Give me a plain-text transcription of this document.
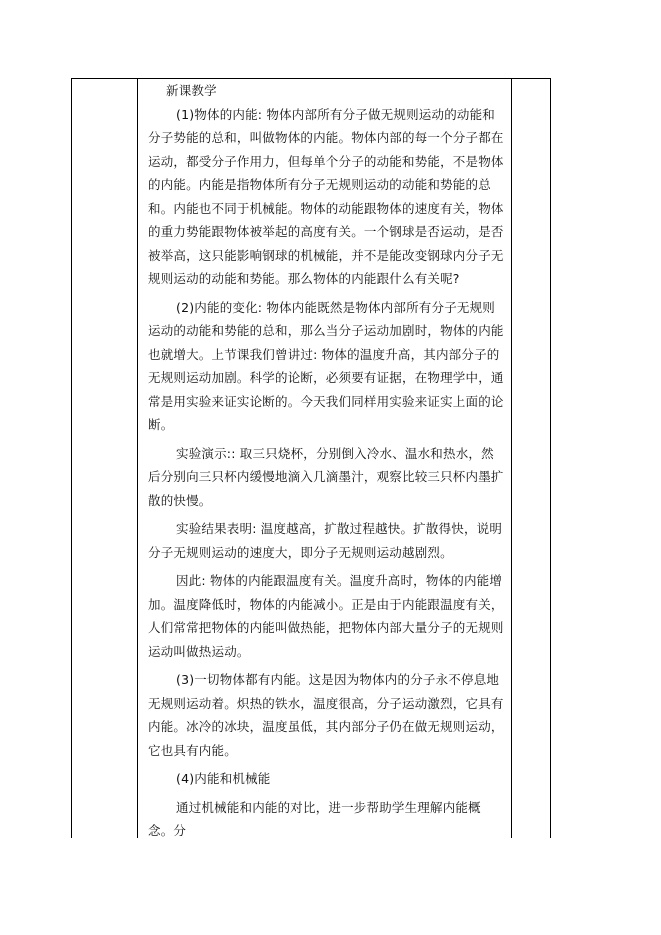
新课教学

(1)物体的内能: 物体内部所有分子做无规则运动的动能和分子势能的总和，叫做物体的内能。物体内部的每一个分子都在运动，都受分子作用力，但每单个分子的动能和势能，不是物体的内能。内能是指物体所有分子无规则运动的动能和势能的总和。内能也不同于机械能。物体的动能跟物体的速度有关，物体的重力势能跟物体被举起的高度有关。一个钢球是否运动，是否被举高，这只能影响钢球的机械能，并不是能改变钢球内分子无规则运动的动能和势能。那么物体的内能跟什么有关呢?

(2)内能的变化: 物体内能既然是物体内部所有分子无规则运动的动能和势能的总和，那么当分子运动加剧时，物体的内能也就增大。上节课我们曾讲过: 物体的温度升高，其内部分子的无规则运动加剧。科学的论断，必须要有证据，在物理学中，通常是用实验来证实论断的。今天我们同样用实验来证实上面的论断。

实验演示:: 取三只烧杯，分别倒入冷水、温水和热水，然后分别向三只杯内缓慢地滴入几滴墨汁，观察比较三只杯内墨扩散的快慢。

实验结果表明: 温度越高，扩散过程越快。扩散得快，说明分子无规则运动的速度大，即分子无规则运动越剧烈。

因此: 物体的内能跟温度有关。温度升高时，物体的内能增加。温度降低时，物体的内能减小。正是由于内能跟温度有关，人们常常把物体的内能叫做热能，把物体内部大量分子的无规则运动叫做热运动。

(3)一切物体都有内能。这是因为物体内的分子永不停息地无规则运动着。炽热的铁水，温度很高，分子运动激烈，它具有内能。冰冷的冰块，温度虽低，其内部分子仍在做无规则运动，它也具有内能。

(4)内能和机械能

通过机械能和内能的对比，进一步帮助学生理解内能概念。分
